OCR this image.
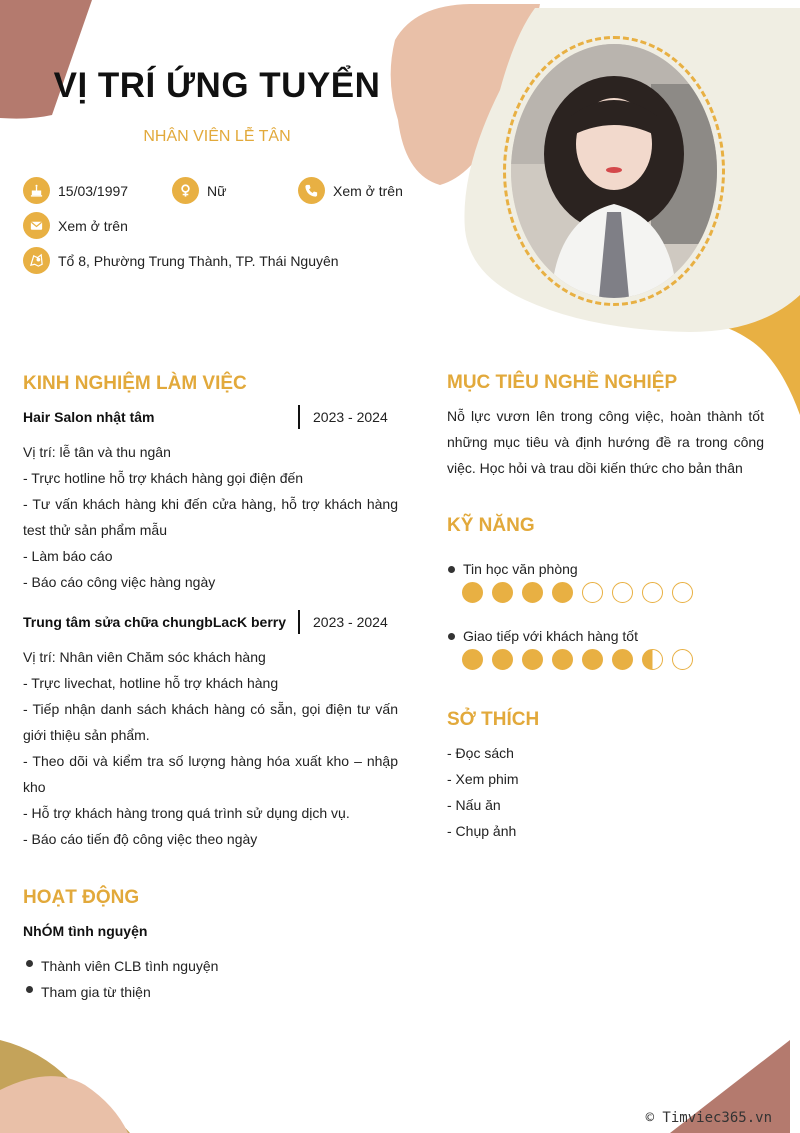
VỊ TRÍ ỨNG TUYỂN
NHÂN VIÊN LỄ TÂN
15/03/1997	Nữ	Xem ở trên
Xem ở trên
Tổ 8, Phường Trung Thành, TP. Thái Nguyên
KINH NGHIỆM LÀM VIỆC
Hair Salon nhật tâm	2023 - 2024
Vị trí: lễ tân và thu ngân
- Trực hotline hỗ trợ khách hàng gọi điện đến
- Tư vấn khách hàng khi đến cửa hàng, hỗ trợ khách hàng test thử sản phẩm mẫu
- Làm báo cáo
- Báo cáo công việc hàng ngày
Trung tâm sửa chữa chungbLacK berry 2023 - 2024
Vị trí: Nhân viên Chăm sóc khách hàng
- Trực livechat, hotline hỗ trợ khách hàng
- Tiếp nhận danh sách khách hàng có sẵn, gọi điện tư vấn giới thiệu sản phẩm.
- Theo dõi và kiểm tra số lượng hàng hóa xuất kho – nhập kho
- Hỗ trợ khách hàng trong quá trình sử dụng dịch vụ.
- Báo cáo tiến độ công việc theo ngày
HOẠT ĐỘNG
NhÓM tình nguyện
Thành viên CLB tình nguyện
Tham gia từ thiện
MỤC TIÊU NGHỀ NGHIỆP
Nỗ lực vươn lên trong công việc, hoàn thành tốt những mục tiêu và định hướng đề ra trong công việc. Học hỏi và trau dồi kiến thức cho bản thân
KỸ NĂNG
Tin học văn phòng
Giao tiếp với khách hàng tốt
SỞ THÍCH
- Đọc sách
- Xem phim
- Nấu ăn
- Chụp ảnh
© Timviec365.vn
